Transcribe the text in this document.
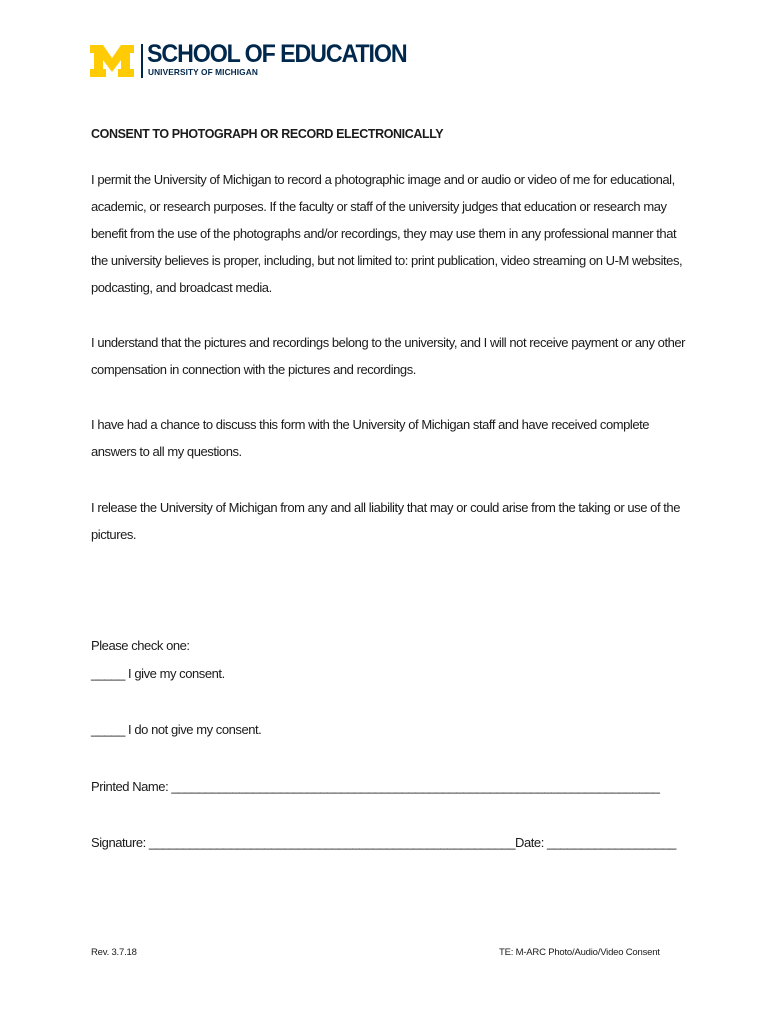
SCHOOL OF EDUCATION
UNIVERSITY OF MICHIGAN
CONSENT TO PHOTOGRAPH OR RECORD ELECTRONICALLY

I permit the University of Michigan to record a photographic image and or audio or video of me for educational, academic, or research purposes. If the faculty or staff of the university judges that education or research may benefit from the use of the photographs and/or recordings, they may use them in any professional manner that the university believes is proper, including, but not limited to: print publication, video streaming on U-M websites, podcasting, and broadcast media.

I understand that the pictures and recordings belong to the university, and I will not receive payment or any other compensation in connection with the pictures and recordings.

I have had a chance to discuss this form with the University of Michigan staff and have received complete answers to all my questions.

I release the University of Michigan from any and all liability that may or could arise from the taking or use of the pictures.

Please check one:
_____ I give my consent.
_____ I do not give my consent.
Printed Name: ________________________________________________________________________
Signature: ______________________________________________________Date: ___________________
Rev. 3.7.18	TE: M-ARC Photo/Audio/Video Consent
